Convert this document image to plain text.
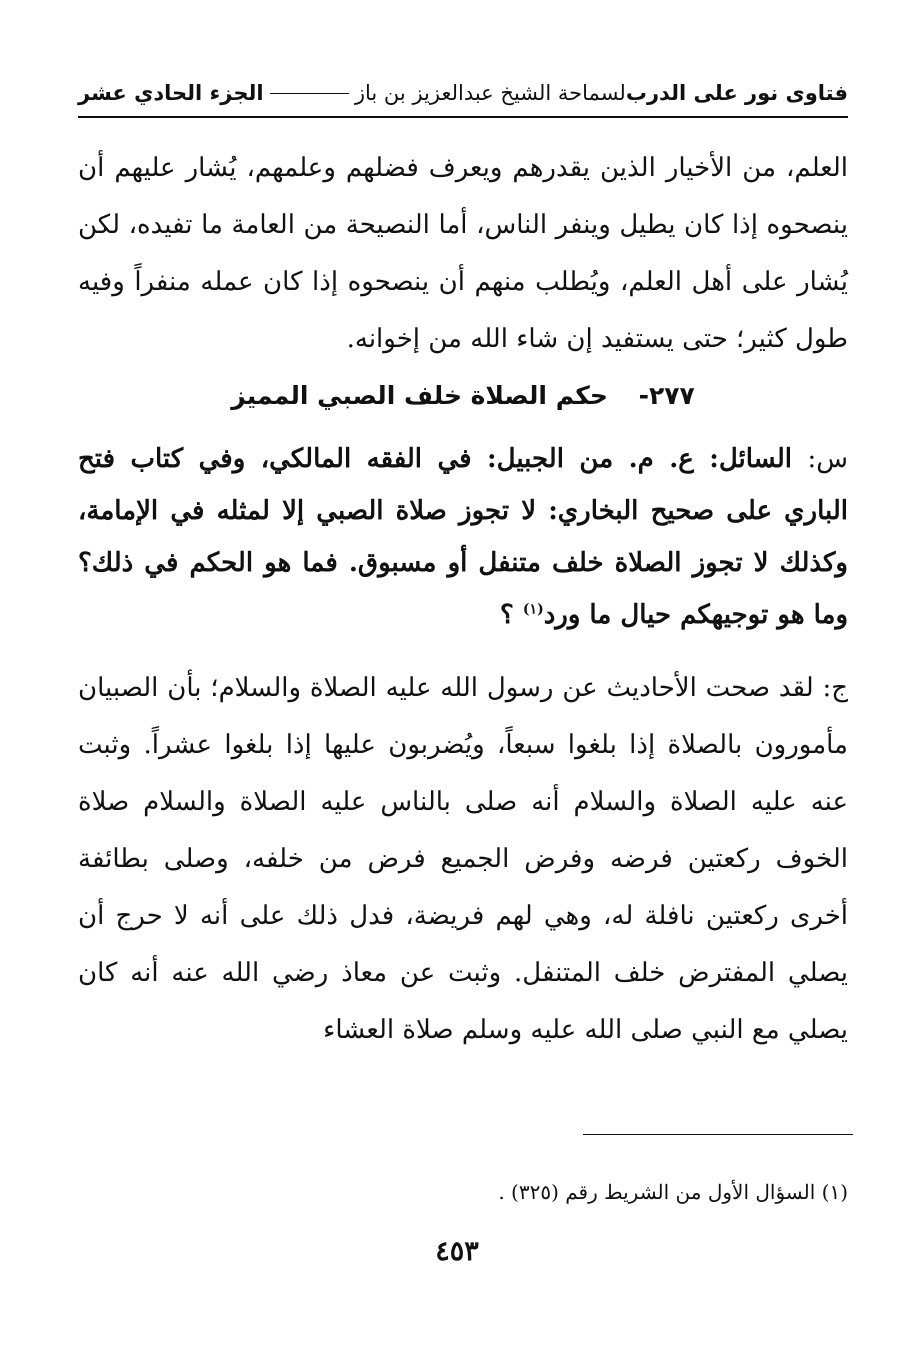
فتاوى نور على الدرب
لسماحة الشيخ عبدالعزيز بن باز
الجزء الحادي عشر

العلم، من الأخيار الذين يقدرهم ويعرف فضلهم وعلمهم، يُشار عليهم أن ينصحوه إذا كان يطيل وينفر الناس، أما النصيحة من العامة ما تفيده، لكن يُشار على أهل العلم، ويُطلب منهم أن ينصحوه إذا كان عمله منفراً وفيه طول كثير؛ حتى يستفيد إن شاء الله من إخوانه.

٢٧٧- حكم الصلاة خلف الصبي المميز

س: السائل: ع. م. من الجبيل: في الفقه المالكي، وفي كتاب فتح الباري على صحيح البخاري: لا تجوز صلاة الصبي إلا لمثله في الإمامة، وكذلك لا تجوز الصلاة خلف متنفل أو مسبوق. فما هو الحكم في ذلك؟ وما هو توجيهكم حيال ما ورد$^{(١)}$ ؟

ج: لقد صحت الأحاديث عن رسول الله عليه الصلاة والسلام؛ بأن الصبيان مأمورون بالصلاة إذا بلغوا سبعاً، ويُضربون عليها إذا بلغوا عشراً. وثبت عنه عليه الصلاة والسلام أنه صلى بالناس عليه الصلاة والسلام صلاة الخوف ركعتين فرضه وفرض الجميع فرض من خلفه، وصلى بطائفة أخرى ركعتين نافلة له، وهي لهم فريضة، فدل ذلك على أنه لا حرج أن يصلي المفترض خلف المتنفل. وثبت عن معاذ رضي الله عنه أنه كان يصلي مع النبي صلى الله عليه وسلم صلاة العشاء

(١) السؤال الأول من الشريط رقم (٣٢٥) .
٤٥٣
